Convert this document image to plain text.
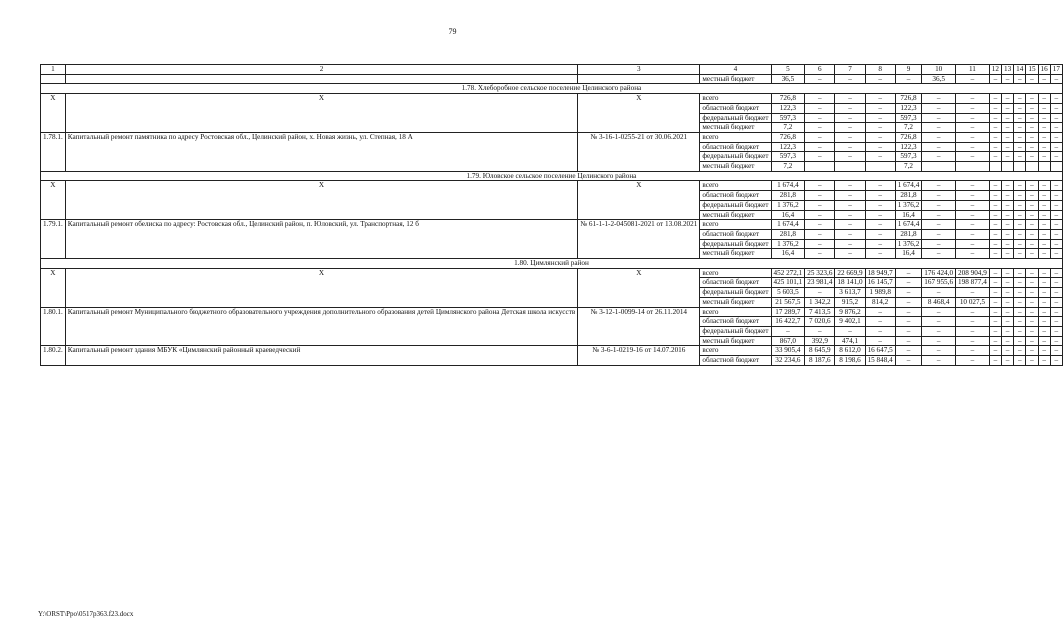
79
1	2	3	4	5	6	7	8	9	10	11	12	13	14	15	16	17
			местный бюджет	36,5	–	–	–	–	36,5	–	–	–	–	–	–	–
1.78. Хлеборобное сельское поселение Целинского района																
Х	Х	Х	всего	726,8	–	–	–	726,8	–	–	–	–	–	–	–	–
			областной бюджет	122,3	–	–	–	122,3	–	–	–	–	–	–	–	–
			федеральный бюджет	597,3	–	–	–	597,3	–	–	–	–	–	–	–	–
			местный бюджет	7,2	–	–	–	7,2	–	–	–	–	–	–	–	–
1.78.1.	Капитальный ремонт памятника по адресу Ростовская обл., Целинский район, х. Новая жизнь, ул. Степная, 18 А	№ 3-16-1-0255-21 от 30.06.2021	всего	726,8	–	–	–	726,8	–	–	–	–	–	–	–	–
			областной бюджет	122,3	–	–	–	122,3	–	–	–	–	–	–	–	–
			федеральный бюджет	597,3	–	–	–	597,3	–	–	–	–	–	–	–	–
			местный бюджет	7,2				7,2								
1.79. Юловское сельское поселение Целинского района																
Х	Х	Х	всего	1 674,4	–	–	–	1 674,4	–	–	–	–	–	–	–	–
			областной бюджет	281,8	–	–	–	281,8	–	–	–	–	–	–	–	–
			федеральный бюджет	1 376,2	–	–	–	1 376,2	–	–	–	–	–	–	–	–
			местный бюджет	16,4	–	–	–	16,4	–	–	–	–	–	–	–	–
1.79.1.	Капитальный ремонт обелиска по адресу: Ростовская обл., Целинский район, п. Юловский, ул. Транспортная, 12 б	№ 61-1-1-2-045081-2021 от 13.08.2021	всего	1 674,4	–	–	–	1 674,4	–	–	–	–	–	–	–	–
			областной бюджет	281,8	–	–	–	281,8	–	–	–	–	–	–	–	–
			федеральный бюджет	1 376,2	–	–	–	1 376,2	–	–	–	–	–	–	–	–
			местный бюджет	16,4	–	–	–	16,4	–	–	–	–	–	–	–	–
1.80. Цимлянский район																
Х	Х	Х	всего	452 272,1	25 323,6	22 669,9	18 949,7	–	176 424,0	208 904,9	–	–	–	–	–	–
			областной бюджет	425 101,1	23 981,4	18 141,0	16 145,7	–	167 955,6	198 877,4	–	–	–	–	–	–
			федеральный бюджет	5 603,5	–	3 613,7	1 989,8	–	–	–	–	–	–	–	–	–
			местный бюджет	21 567,5	1 342,2	915,2	814,2	–	8 468,4	10 027,5	–	–	–	–	–	–
1.80.1.	Капитальный ремонт Муниципального бюджетного образовательного учреждения дополнительного образования детей Цимлянского района Детская школа искусств	№ 3-12-1-0099-14 от 26.11.2014	всего	17 289,7	7 413,5	9 876,2	–	–	–	–	–	–	–	–	–	–
			областной бюджет	16 422,7	7 020,6	9 402,1	–	–	–	–	–	–	–	–	–	–
			федеральный бюджет	–	–	–	–	–	–	–	–	–	–	–	–	–
			местный бюджет	867,0	392,9	474,1	–	–	–	–	–	–	–	–	–	–
1.80.2.	Капитальный ремонт здания МБУК «Цимлянский районный краеведческий	№ 3-6-1-0219-16 от 14.07.2016	всего	33 905,4	8 645,9	8 612,0	16 647,5	–	–	–	–	–	–	–	–	–
			областной бюджет	32 234,6	8 187,6	8 198,6	15 848,4	–	–	–	–	–	–	–	–	–
Y:\ORST\Ppo\0517p363.f23.docx
